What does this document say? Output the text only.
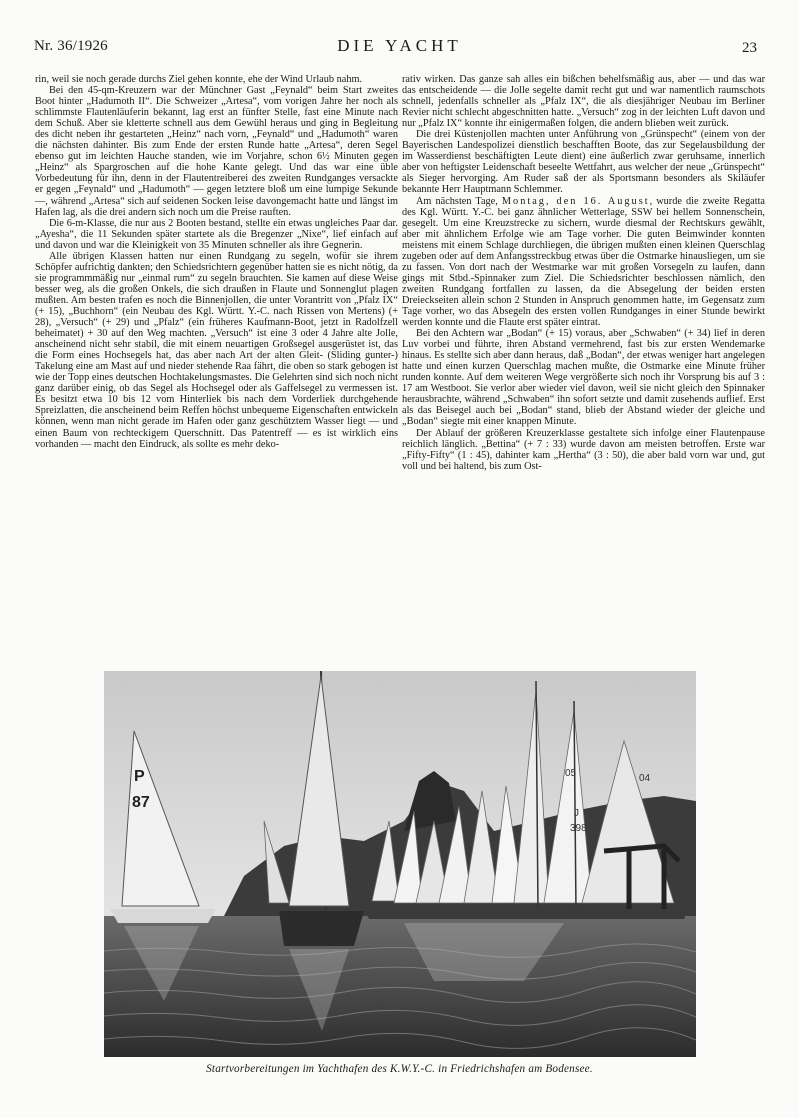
Nr. 36/1926	DIE YACHT	23

rin, weil sie noch gerade durchs Ziel gehen konnte, ehe der Wind Urlaub nahm.

Bei den 45-qm-Kreuzern war der Münchner Gast „Feynald“ beim Start zweites Boot hinter „Hadumoth II“. Die Schweizer „Artesa“, vom vorigen Jahre her noch als schlimmste Flautenläuferin bekannt, lag erst an fünfter Stelle, fast eine Minute nach dem Schuß. Aber sie kletterte schnell aus dem Gewühl heraus und ging in Begleitung des dicht neben ihr gestarteten „Heinz“ nach vorn, „Feynald“ und „Hadumoth“ waren die nächsten dahinter. Bis zum Ende der ersten Runde hatte „Artesa“, deren Segel ebenso gut im leichten Hauche standen, wie im Vorjahre, schon 6½ Minuten gegen „Heinz“ als Spargroschen auf die hohe Kante gelegt. Und das war eine üble Vorbedeutung für ihn, denn in der Flautentreiberei des zweiten Rundganges versackte er gegen „Feynald“ und „Hadumoth“ — gegen letztere bloß um eine lumpige Sekunde —, während „Artesa“ sich auf seidenen Socken leise davongemacht hatte und längst im Hafen lag, als die drei andern sich noch um die Preise rauften.

Die 6-m-Klasse, die nur aus 2 Booten bestand, stellte ein etwas ungleiches Paar dar. „Ayesha“, die 11 Sekunden später startete als die Bregenzer „Nixe“, lief einfach auf und davon und war die Kleinigkeit von 35 Minuten schneller als ihre Gegnerin.

Alle übrigen Klassen hatten nur einen Rundgang zu segeln, wofür sie ihrem Schöpfer aufrichtig dankten; den Schiedsrichtern gegenüber hatten sie es nicht nötig, da sie programmmäßig nur „einmal rum“ zu segeln brauchten. Sie kamen auf diese Weise besser weg, als die großen Onkels, die sich draußen in Flaute und Sonnenglut plagen mußten. Am besten trafen es noch die Binnenjollen, die unter Vorantritt von „Pfalz IX“ (+ 15), „Buchhorn“ (ein Neubau des Kgl. Württ. Y.-C. nach Rissen von Mertens) (+ 28), „Versuch“ (+ 29) und „Pfalz“ (ein früheres Kaufmann-Boot, jetzt in Radolfzell beheimatet) + 30 auf den Weg machten. „Versuch“ ist eine 3 oder 4 Jahre alte Jolle, anscheinend nicht sehr stabil, die mit einem neuartigen Großsegel ausgerüstet ist, das die Form eines Hochsegels hat, das aber nach Art der alten Gleit- (Sliding gunter-) Takelung eine am Mast auf und nieder stehende Raa fährt, die oben so stark gebogen ist wie der Topp eines deutschen Hochtakelungsmastes. Die Gelehrten sind sich noch nicht ganz darüber einig, ob das Segel als Hochsegel oder als Gaffelsegel zu vermessen ist. Es besitzt etwa 10 bis 12 vom Hinterliek bis nach dem Vorderliek durchgehende Spreizlatten, die anscheinend beim Reffen höchst unbequeme Eigenschaften entwickeln können, wenn man nicht gerade im Hafen oder ganz geschütztem Wasser liegt — und einen Baum von rechteckigem Querschnitt. Das Patentreff — es ist wirklich eins vorhanden — macht den Eindruck, als sollte es mehr deko-

rativ wirken. Das ganze sah alles ein bißchen behelfsmäßig aus, aber — und das war das entscheidende — die Jolle segelte damit recht gut und war namentlich raumschots schnell, jedenfalls schneller als „Pfalz IX“, die als diesjähriger Neubau im Berliner Revier nicht schlecht abgeschnitten hatte. „Versuch“ zog in der leichten Luft davon und nur „Pfalz IX“ konnte ihr einigermaßen folgen, die andern blieben weit zurück.

Die drei Küstenjollen machten unter Anführung von „Grünspecht“ (einem von der Bayerischen Landespolizei dienstlich beschafften Boote, das zur Segelausbildung der im Wasserdienst beschäftigten Leute dient) eine äußerlich zwar geruhsame, innerlich aber von heftigster Leidenschaft beseelte Wettfahrt, aus welcher der neue „Grünspecht“ als Sieger hervorging. Am Ruder saß der als Sportsmann besonders als Skiläufer bekannte Herr Hauptmann Schlemmer.

Am nächsten Tage, Montag, den 16. August, wurde die zweite Regatta des Kgl. Württ. Y.-C. bei ganz ähnlicher Wetterlage, SSW bei hellem Sonnenschein, gesegelt. Um eine Kreuzstrecke zu sichern, wurde diesmal der Rechtskurs gewählt, aber mit ähnlichem Erfolge wie am Tage vorher. Die guten Beimwinder konnten meistens mit einem Schlage durchliegen, die übrigen mußten einen kleinen Querschlag zugeben oder auf dem Anfangsstreckbug etwas über die Ostmarke hinausliegen, um sie zu fassen. Von dort nach der Westmarke war mit großen Vorsegeln zu laufen, dann gings mit Stbd.-Spinnaker zum Ziel. Die Schiedsrichter beschlossen nämlich, den zweiten Rundgang fortfallen zu lassen, da die Absegelung der beiden ersten Dreieckseiten allein schon 2 Stunden in Anspruch genommen hatte, im Gegensatz zum Tage vorher, wo das Absegeln des ersten vollen Rundganges in einer Stunde bewirkt werden konnte und die Flaute erst später eintrat.

Bei den Achtern war „Bodan“ (+ 15) voraus, aber „Schwaben“ (+ 34) lief in deren Luv vorbei und führte, ihren Abstand vermehrend, fast bis zur ersten Wendemarke hinaus. Es stellte sich aber dann heraus, daß „Bodan“, der etwas weniger hart angelegen hatte und einen kurzen Querschlag machen mußte, die Ostmarke eine Minute früher runden konnte. Auf dem weiteren Wege vergrößerte sich noch ihr Vorsprung bis auf 3 : 17 am Westboot. Sie verlor aber wieder viel davon, weil sie nicht gleich den Spinnaker herausbrachte, während „Schwaben“ ihn sofort setzte und damit zusehends auflief. Erst als das Beisegel auch bei „Bodan“ stand, blieb der Abstand wieder der gleiche und „Bodan“ siegte mit einer knappen Minute.

Der Ablauf der größeren Kreuzerklasse gestaltete sich infolge einer Flautenpause reichlich länglich. „Bettina“ (+ 7 : 33) wurde davon am meisten betroffen. Erste war „Fifty-Fifty“ (1 : 45), dahinter kam „Hertha“ (3 : 50), die aber bald vorn war und, gut voll und bei haltend, bis zum Ost-

P
87
05
J
398
04
Startvorbereitungen im Yachthafen des K.W.Y.-C. in Friedrichshafen am Bodensee.
